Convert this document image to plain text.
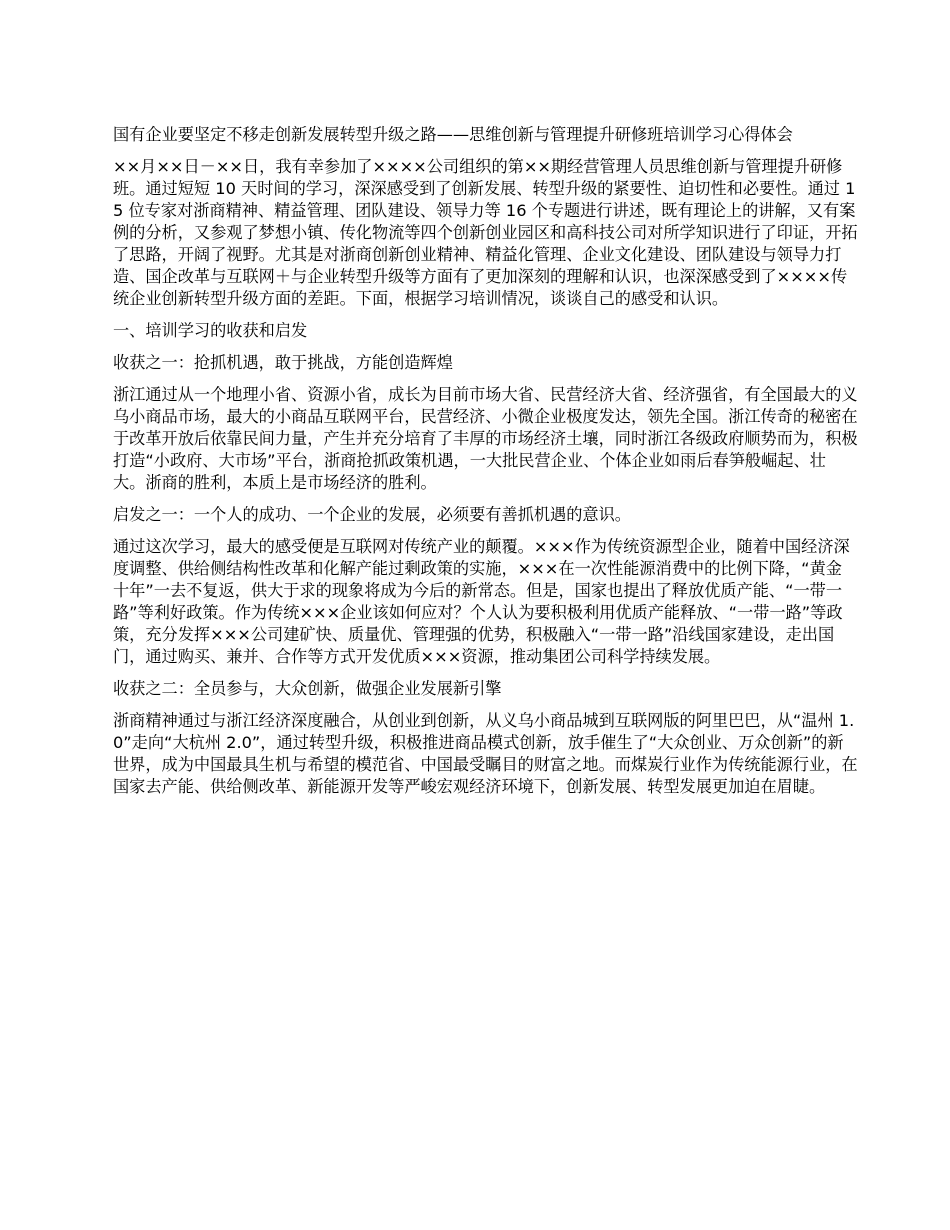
国有企业要坚定不移走创新发展转型升级之路——思维创新与管理提升研修班培训学习心得体会

××月××日－××日，我有幸参加了××××公司组织的第××期经营管理人员思维创新与管理提升研修班。通过短短 10 天时间的学习，深深感受到了创新发展、转型升级的紧要性、迫切性和必要性。通过 15 位专家对浙商精神、精益管理、团队建设、领导力等 16 个专题进行讲述，既有理论上的讲解，又有案例的分析，又参观了梦想小镇、传化物流等四个创新创业园区和高科技公司对所学知识进行了印证，开拓了思路，开阔了视野。尤其是对浙商创新创业精神、精益化管理、企业文化建设、团队建设与领导力打造、国企改革与互联网＋与企业转型升级等方面有了更加深刻的理解和认识，也深深感受到了××××传统企业创新转型升级方面的差距。下面，根据学习培训情况，谈谈自己的感受和认识。

一、培训学习的收获和启发

收获之一：抢抓机遇，敢于挑战，方能创造辉煌

浙江通过从一个地理小省、资源小省，成长为目前市场大省、民营经济大省、经济强省，有全国最大的义乌小商品市场，最大的小商品互联网平台，民营经济、小微企业极度发达，领先全国。浙江传奇的秘密在于改革开放后依靠民间力量，产生并充分培育了丰厚的市场经济土壤，同时浙江各级政府顺势而为，积极打造“小政府、大市场”平台，浙商抢抓政策机遇，一大批民营企业、个体企业如雨后春笋般崛起、壮大。浙商的胜利，本质上是市场经济的胜利。

启发之一：一个人的成功、一个企业的发展，必须要有善抓机遇的意识。

通过这次学习，最大的感受便是互联网对传统产业的颠覆。×××作为传统资源型企业，随着中国经济深度调整、供给侧结构性改革和化解产能过剩政策的实施，×××在一次性能源消费中的比例下降，“黄金十年”一去不复返，供大于求的现象将成为今后的新常态。但是，国家也提出了释放优质产能、“一带一路”等利好政策。作为传统×××企业该如何应对？个人认为要积极利用优质产能释放、“一带一路”等政策，充分发挥×××公司建矿快、质量优、管理强的优势，积极融入“一带一路”沿线国家建设，走出国门，通过购买、兼并、合作等方式开发优质×××资源，推动集团公司科学持续发展。

收获之二：全员参与，大众创新，做强企业发展新引擎

浙商精神通过与浙江经济深度融合，从创业到创新，从义乌小商品城到互联网版的阿里巴巴，从“温州 1.0”走向“大杭州 2.0”，通过转型升级，积极推进商品模式创新，放手催生了“大众创业、万众创新”的新世界，成为中国最具生机与希望的模范省、中国最受瞩目的财富之地。而煤炭行业作为传统能源行业，在国家去产能、供给侧改革、新能源开发等严峻宏观经济环境下，创新发展、转型发展更加迫在眉睫。
